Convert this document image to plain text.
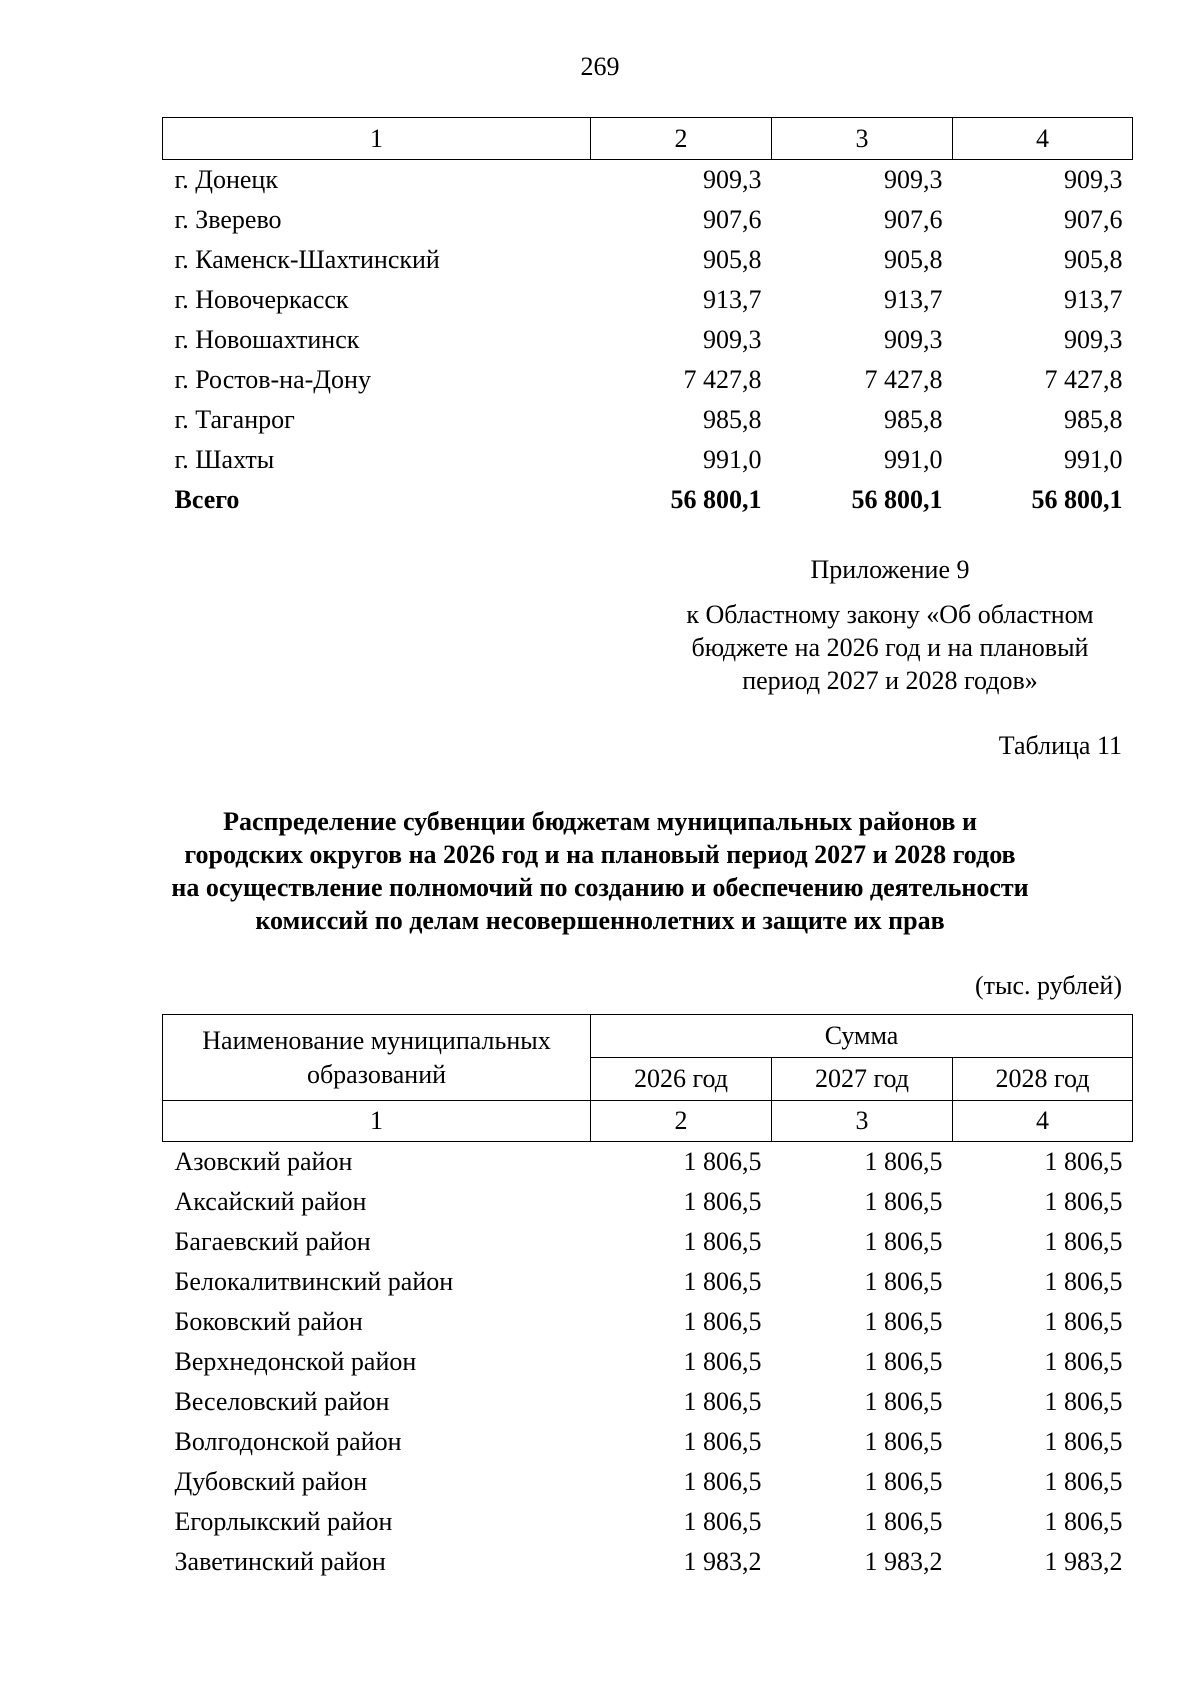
269
1	2	3	4
г. Донецк	909,3	909,3	909,3
г. Зверево	907,6	907,6	907,6
г. Каменск-Шахтинский	905,8	905,8	905,8
г. Новочеркасск	913,7	913,7	913,7
г. Новошахтинск	909,3	909,3	909,3
г. Ростов-на-Дону	7 427,8	7 427,8	7 427,8
г. Таганрог	985,8	985,8	985,8
г. Шахты	991,0	991,0	991,0
Всего	56 800,1	56 800,1	56 800,1
Приложение 9
к Областному закону «Об областном
бюджете на 2026 год и на плановый
период 2027 и 2028 годов»
Таблица 11
Распределение субвенции бюджетам муниципальных районов и
городских округов на 2026 год и на плановый период 2027 и 2028 годов
на осуществление полномочий по созданию и обеспечению деятельности
комиссий по делам несовершеннолетних и защите их прав
(тыс. рублей)
Наименование муниципальных
образований	Сумма		
	2026 год	2027 год	2028 год
1	2	3	4
Азовский район	1 806,5	1 806,5	1 806,5
Аксайский район	1 806,5	1 806,5	1 806,5
Багаевский район	1 806,5	1 806,5	1 806,5
Белокалитвинский район	1 806,5	1 806,5	1 806,5
Боковский район	1 806,5	1 806,5	1 806,5
Верхнедонской район	1 806,5	1 806,5	1 806,5
Веселовский район	1 806,5	1 806,5	1 806,5
Волгодонской район	1 806,5	1 806,5	1 806,5
Дубовский район	1 806,5	1 806,5	1 806,5
Егорлыкский район	1 806,5	1 806,5	1 806,5
Заветинский район	1 983,2	1 983,2	1 983,2
